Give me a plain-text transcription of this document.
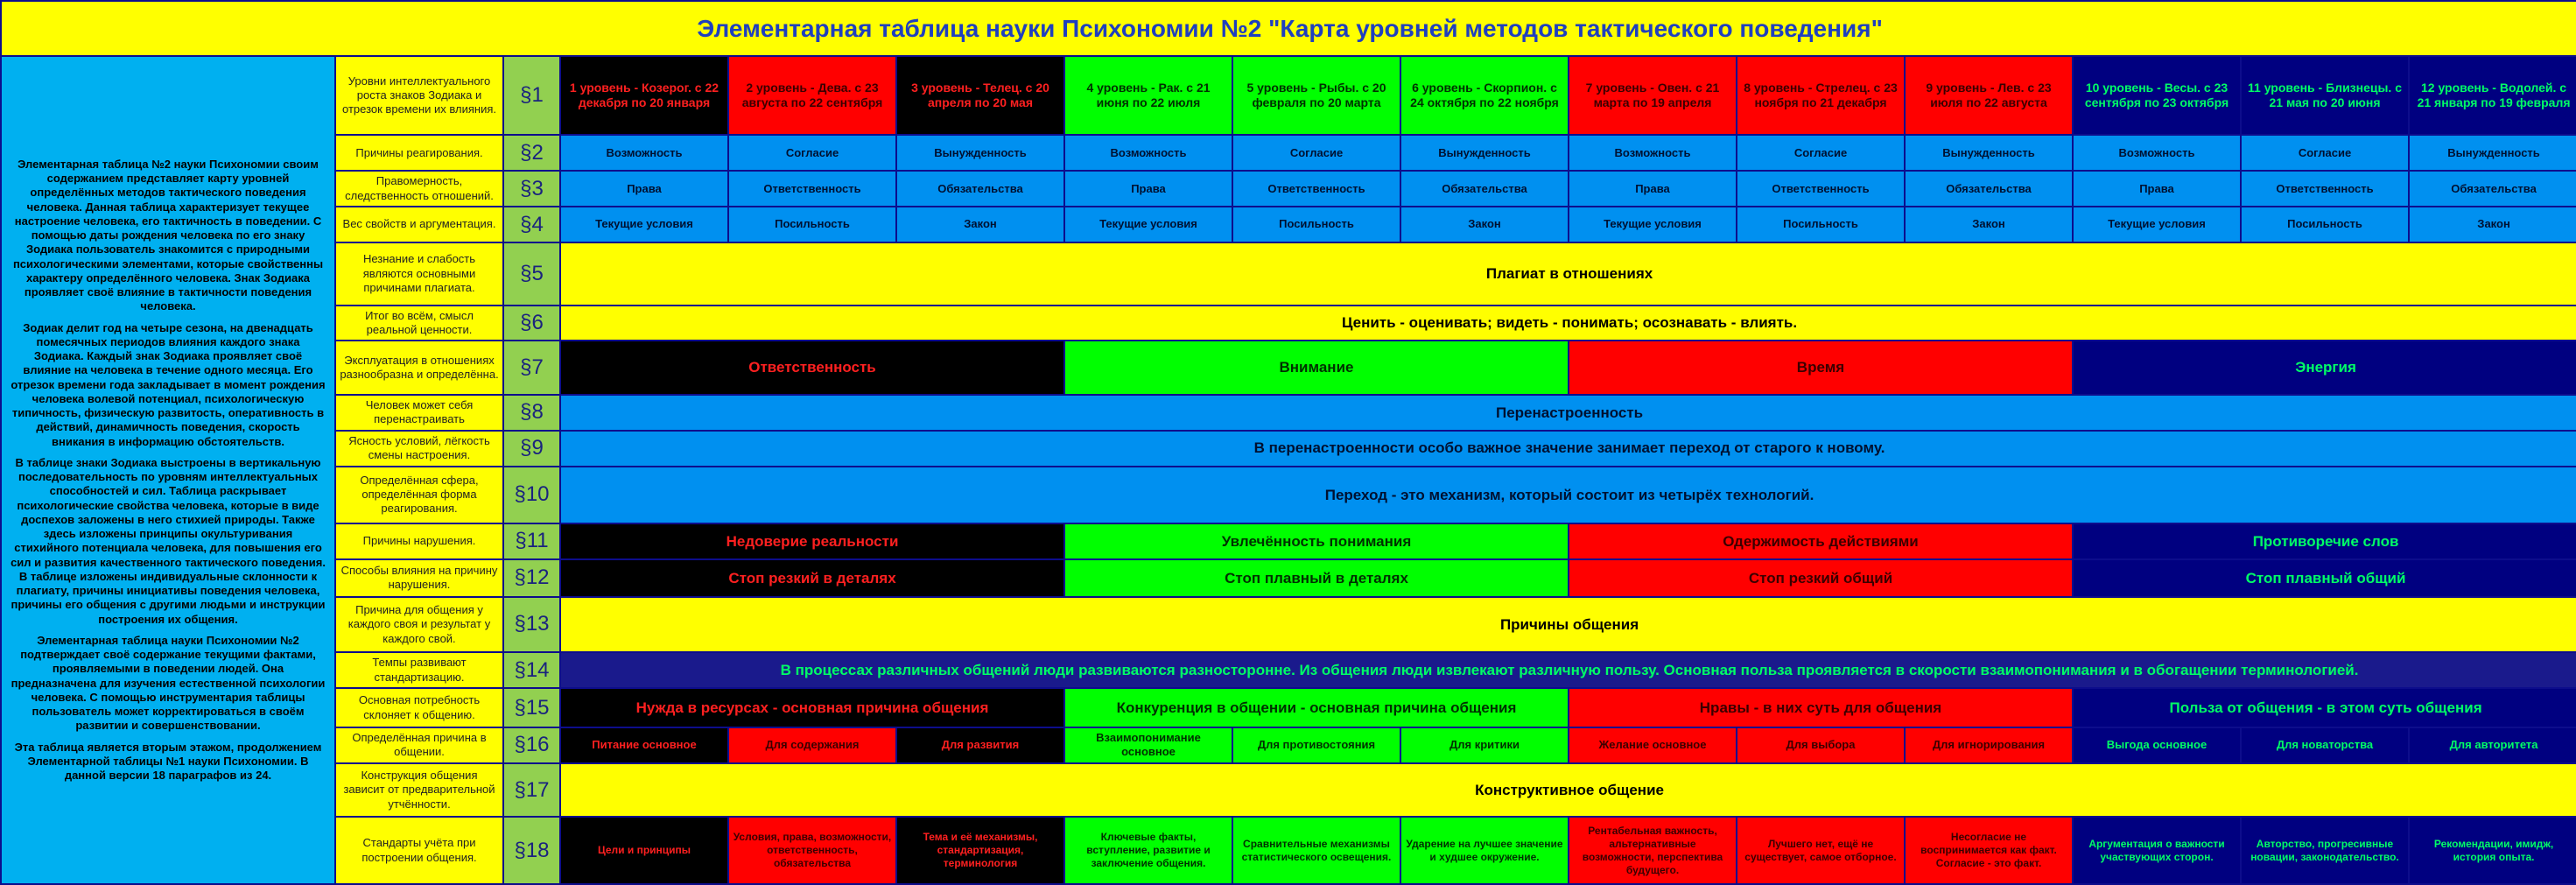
Элементарная таблица науки Психономии №2 "Карта уровней методов тактического поведения"														

Элементарная таблица №2 науки Психономии своим содержанием представляет карту уровней определённых методов тактического поведения человека. Данная таблица характеризует текущее настроение человека, его тактичность в поведении. С помощью даты рождения человека по его знаку Зодиака пользователь знакомится с природными психологическими элементами, которые свойственны характеру определённого человека. Знак Зодиака проявляет своё влияние в тактичности поведения человека.
Зодиак делит год на четыре сезона, на двенадцать помесячных периодов влияния каждого знака Зодиака. Каждый знак Зодиака проявляет своё влияние на человека в течение одного месяца. Его отрезок времени года закладывает в момент рождения человека волевой потенциал, психологическую типичность, физическую развитость, оперативность в действий, динамичность поведения, скорость вникания в информацию обстоятельств.
В таблице знаки Зодиака выстроены в вертикальную последовательность по уровням интеллектуальных способностей и сил. Таблица раскрывает психологические свойства человека, которые в виде доспехов заложены в него стихией природы. Также здесь изложены принципы окультуривания стихийного потенциала человека, для повышения его сил и развития качественного тактического поведения. В таблице изложены индивидуальные склонности к плагиату, причины инициативы поведения человека, причины его общения с другими людьми и инструкции построения их общения.
Элементарная таблица науки Психономии №2 подтверждает своё содержание текущими фактами, проявляемыми в поведении людей. Она предназначена для изучения естественной психологии человека. С помощью инструментария таблицы пользователь может корректироваться в своём развитии и совершенствовании.
Эта таблица является вторым этажом, продолжением Элементарной таблицы №1 науки Психономии. В данной версии 18 параграфов из 24.	Уровни интеллектуального роста знаков Зодиака и отрезок времени их влияния.	§1	1 уровень - Козерог. с 22 декабря по 20 января	2 уровень - Дева. с 23 августа по 22 сентября	3 уровень - Телец. с 20 апреля по 20 мая	4 уровень - Рак. с 21 июня по 22 июля	5 уровень - Рыбы. с 20 февраля по 20 марта	6 уровень - Скорпион. с 24 октября по 22 ноября	7 уровень - Овен. с 21 марта по 19 апреля	8 уровень - Стрелец. с 23 ноября по 21 декабря	9 уровень - Лев. с 23 июля по 22 августа	10 уровень - Весы. с 23 сентября по 23 октября	11 уровень - Близнецы. с 21 мая по 20 июня	12 уровень - Водолей. с 21 января по 19 февраля
	Причины реагирования.	§2	Возможность	Согласие	Вынужденность	Возможность	Согласие	Вынужденность	Возможность	Согласие	Вынужденность	Возможность	Согласие	Вынужденность
	Правомерность, следственность отношений.	§3	Права	Ответственность	Обязательства	Права	Ответственность	Обязательства	Права	Ответственность	Обязательства	Права	Ответственность	Обязательства
	Вес свойств и аргументация.	§4	Текущие условия	Посильность	Закон	Текущие условия	Посильность	Закон	Текущие условия	Посильность	Закон	Текущие условия	Посильность	Закон
	Незнание и слабость являются основными причинами плагиата.	§5	Плагиат в отношениях											
	Итог во всём, смысл реальной ценности.	§6	Ценить - оценивать; видеть - понимать; осознавать - влиять.											
	Эксплуатация в отношениях разнообразна и определённа.	§7	Ответственность			Внимание			Время			Энергия		
	Человек может себя перенастраивать	§8	Перенастроенность											
	Ясность условий, лёгкость смены настроения.	§9	В перенастроенности особо важное значение занимает переход от старого к новому.											
	Определённая сфера, определённая форма реагирования.	§10	Переход - это механизм, который состоит из четырёх технологий.											
	Причины нарушения.	§11	Недоверие реальности			Увлечённость понимания			Одержимость действиями			Противоречие слов		
	Способы влияния на причину нарушения.	§12	Стоп резкий в деталях			Стоп плавный в деталях			Стоп резкий общий			Стоп плавный общий		
	Причина для общения у каждого своя и результат у каждого свой.	§13	Причины общения											
	Темпы развивают стандартизацию.	§14	В процессах различных общений люди развиваются разносторонне. Из общения люди извлекают различную пользу. Основная польза проявляется в скорости взаимопонимания и в обогащении терминологией.											
	Основная потребность склоняет к общению.	§15	Нужда в ресурсах - основная причина общения			Конкуренция в общении - основная причина общения			Нравы - в них суть для общения			Польза от общения - в этом суть общения		
	Определённая причина в общении.	§16	Питание основное	Для содержания	Для развития	Взаимопонимание основное	Для противостояния	Для критики	Желание основное	Для выбора	Для игнорирования	Выгода основное	Для новаторства	Для авторитета
	Конструкция общения зависит от предварительной утчённости.	§17	Конструктивное общение											
	Стандарты учёта при построении общения.	§18	Цели и принципы	Условия, права, возможности, ответственность, обязательства	Тема и её механизмы, стандартизация, терминология	Ключевые факты, вступление, развитие и заключение общения.	Сравнительные механизмы статистического освещения.	Ударение на лучшее значение и худшее окружение.	Рентабельная важность, альтернативные возможности, перспектива будущего.	Лучшего нет, ещё не существует, самое отборное.	Несогласие не воспринимается как факт. Согласие - это факт.	Аргументация о важности участвующих сторон.	Авторство, прогресивные новации, законодательство.	Рекомендации, имидж, история опыта.
